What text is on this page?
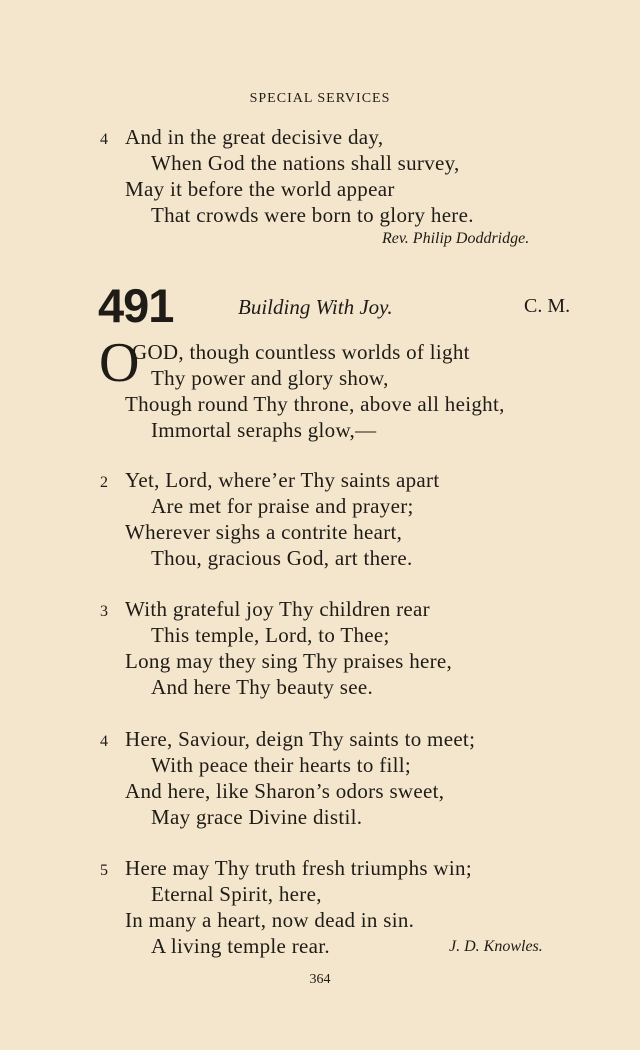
SPECIAL SERVICES
4 And in the great decisive day,
When God the nations shall survey,
May it before the world appear
That crowds were born to glory here.
Rev. Philip Doddridge.
491	Building With Joy.	C. M.
O
GOD, though countless worlds of light
Thy power and glory show,
Though round Thy throne, above all height,
Immortal seraphs glow,—
2 Yet, Lord, where’er Thy saints apart
Are met for praise and prayer;
Wherever sighs a contrite heart,
Thou, gracious God, art there.
3 With grateful joy Thy children rear
This temple, Lord, to Thee;
Long may they sing Thy praises here,
And here Thy beauty see.
4 Here, Saviour, deign Thy saints to meet;
With peace their hearts to fill;
And here, like Sharon’s odors sweet,
May grace Divine distil.
5 Here may Thy truth fresh triumphs win;
Eternal Spirit, here,
In many a heart, now dead in sin.
A living temple rear.	J. D. Knowles.
364
